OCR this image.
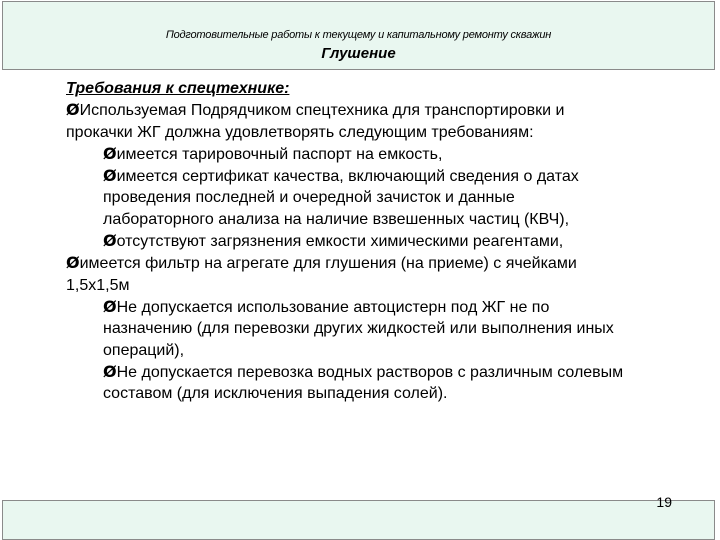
Подготовительные работы к текущему и капитальному ремонту скважин
Глушение

Требования к спецтехнике:

ØИспользуемая Подрядчиком спецтехника для транспортировки и прокачки ЖГ должна удовлетворять следующим требованиям:

Øимеется тарировочный паспорт на емкость,

Øимеется сертификат качества, включающий сведения о датах проведения последней и очередной зачисток и данные лабораторного анализа на наличие взвешенных частиц (КВЧ),

Øотсутствуют загрязнения емкости химическими реагентами,

Øимеется фильтр на агрегате для глушения (на приеме) с ячейками 1,5х1,5м

ØНе допускается использование автоцистерн под ЖГ не по назначению (для перевозки других жидкостей или выполнения иных операций),

ØНе допускается перевозка водных растворов с различным солевым составом (для исключения выпадения солей).

19
